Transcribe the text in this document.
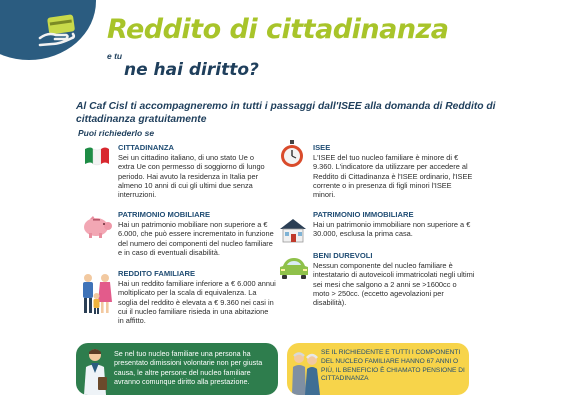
Reddito di cittadinanza
e tu
ne hai diritto?
Al Caf Cisl ti accompagneremo in tutti i passaggi dall'ISEE alla domanda di Reddito di cittadinanza gratuitamente
Puoi richiederlo se
CITTADINANZA
Sei un cittadino italiano, di uno stato Ue o extra Ue con permesso di soggiorno di lungo periodo. Hai avuto la residenza in Italia per almeno 10 anni di cui gli ultimi due senza interruzioni.
ISEE
L'ISEE del tuo nucleo familiare è minore di € 9.360. L'indicatore da utilizzare per accedere al Reddito di Cittadinanza è l'ISEE ordinario, l'ISEE corrente o in presenza di figli minori l'ISEE minori.
PATRIMONIO MOBILIARE
Hai un patrimonio mobiliare non superiore a € 6.000, che può essere incrementato in funzione del numero dei componenti del nucleo familiare e in caso di eventuali disabilità.
PATRIMONIO IMMOBILIARE
Hai un patrimonio immobiliare non superiore a € 30.000, esclusa la prima casa.
REDDITO FAMILIARE
Hai un reddito familiare inferiore a € 6.000 annui moltiplicato per la scala di equivalenza. La soglia del reddito è elevata a € 9.360 nei casi in cui il nucleo familiare risieda in una abitazione in affitto.
BENI DUREVOLI
Nessun componente del nucleo familiare è intestatario di autoveicoli immatricolati negli ultimi sei mesi che salgono a 2 anni se >1600cc o moto > 250cc. (eccetto agevolazioni per disabilità).
Se nel tuo nucleo familiare una persona ha presentato dimissioni volontarie non per giusta causa, le altre persone del nucleo familiare avranno comunque diritto alla prestazione.
SE IL RICHIEDENTE E TUTTI I COMPONENTI DEL NUCLEO FAMILIARE HANNO 67 ANNI O PIÙ, IL BENEFICIO È CHIAMATO PENSIONE DI CITTADINANZA
